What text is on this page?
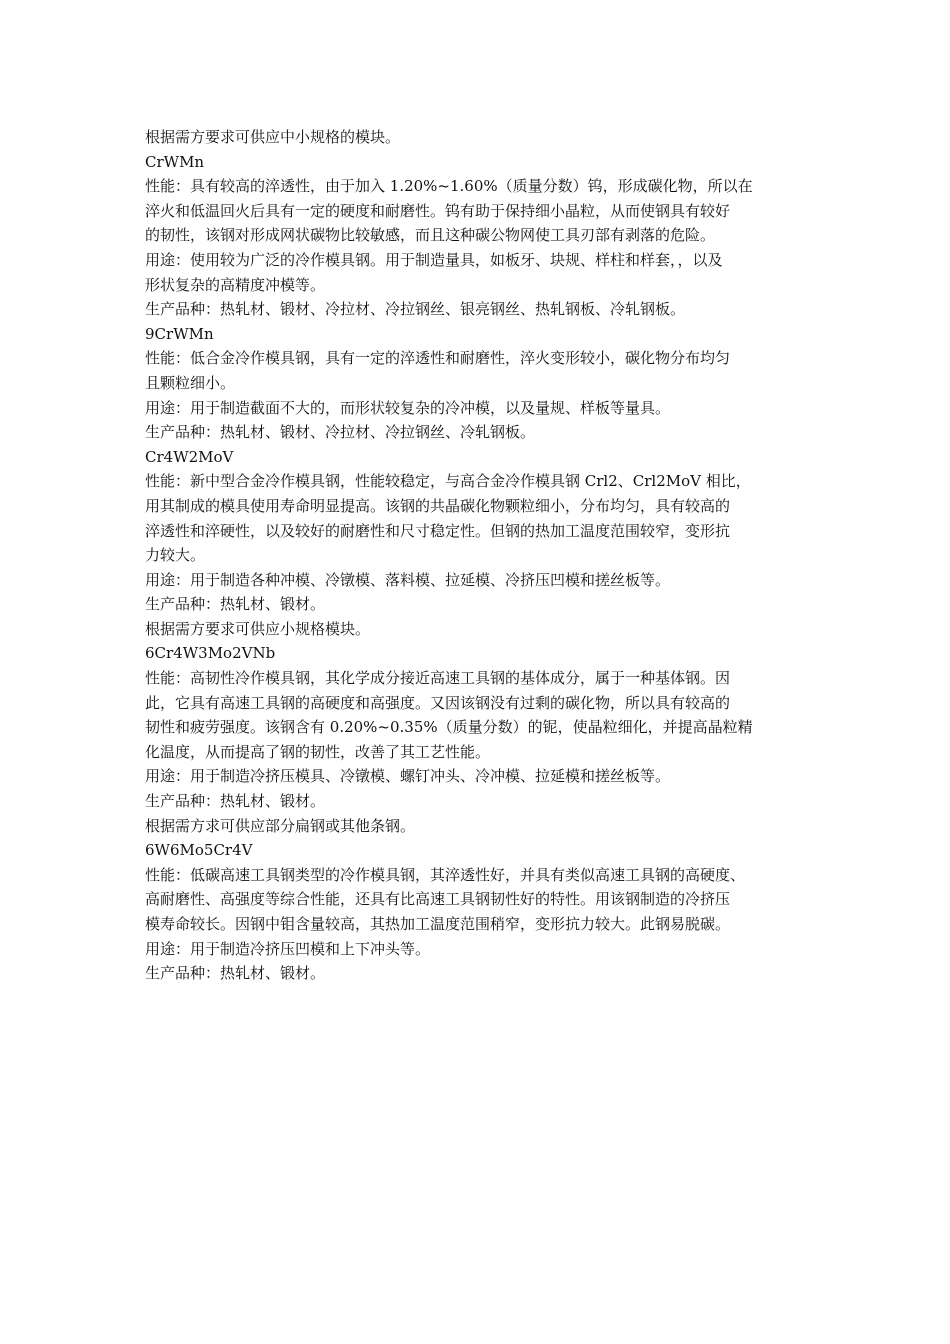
根据需方要求可供应中小规格的模块。
CrWMn
性能：具有较高的淬透性，由于加入 1.20%~1.60%（质量分数）钨，形成碳化物，所以在
淬火和低温回火后具有一定的硬度和耐磨性。钨有助于保持细小晶粒，从而使钢具有较好
的韧性，该钢对形成网状碳物比较敏感，而且这种碳公物网使工具刃部有剥落的危险。
用途：使用较为广泛的冷作模具钢。用于制造量具，如板牙、块规、样柱和样套，，以及
形状复杂的高精度冲模等。
生产品种：热轧材、锻材、冷拉材、冷拉钢丝、银亮钢丝、热轧钢板、冷轧钢板。
9CrWMn
性能：低合金冷作模具钢，具有一定的淬透性和耐磨性，淬火变形较小，碳化物分布均匀
且颗粒细小。
用途：用于制造截面不大的，而形状较复杂的冷冲模，以及量规、样板等量具。
生产品种：热轧材、锻材、冷拉材、冷拉钢丝、冷轧钢板。
Cr4W2MoV
性能：新中型合金冷作模具钢，性能较稳定，与高合金冷作模具钢 Crl2、Crl2MoV 相比，
用其制成的模具使用寿命明显提高。该钢的共晶碳化物颗粒细小，分布均匀，具有较高的
淬透性和淬硬性，以及较好的耐磨性和尺寸稳定性。但钢的热加工温度范围较窄，变形抗
力较大。
用途：用于制造各种冲模、冷镦模、落料模、拉延模、冷挤压凹模和搓丝板等。
生产品种：热轧材、锻材。
根据需方要求可供应小规格模块。
6Cr4W3Mo2VNb
性能：高韧性冷作模具钢，其化学成分接近高速工具钢的基体成分，属于一种基体钢。因
此，它具有高速工具钢的高硬度和高强度。又因该钢没有过剩的碳化物，所以具有较高的
韧性和疲劳强度。该钢含有 0.20%~0.35%（质量分数）的铌，使晶粒细化，并提高晶粒精
化温度，从而提高了钢的韧性，改善了其工艺性能。
用途：用于制造冷挤压模具、冷镦模、螺钉冲头、冷冲模、拉延模和搓丝板等。
生产品种：热轧材、锻材。
根据需方求可供应部分扁钢或其他条钢。
6W6Mo5Cr4V
性能：低碳高速工具钢类型的冷作模具钢，其淬透性好，并具有类似高速工具钢的高硬度、
高耐磨性、高强度等综合性能，还具有比高速工具钢韧性好的特性。用该钢制造的冷挤压
模寿命较长。因钢中钼含量较高，其热加工温度范围稍窄，变形抗力较大。此钢易脱碳。
用途：用于制造冷挤压凹模和上下冲头等。
生产品种：热轧材、锻材。
